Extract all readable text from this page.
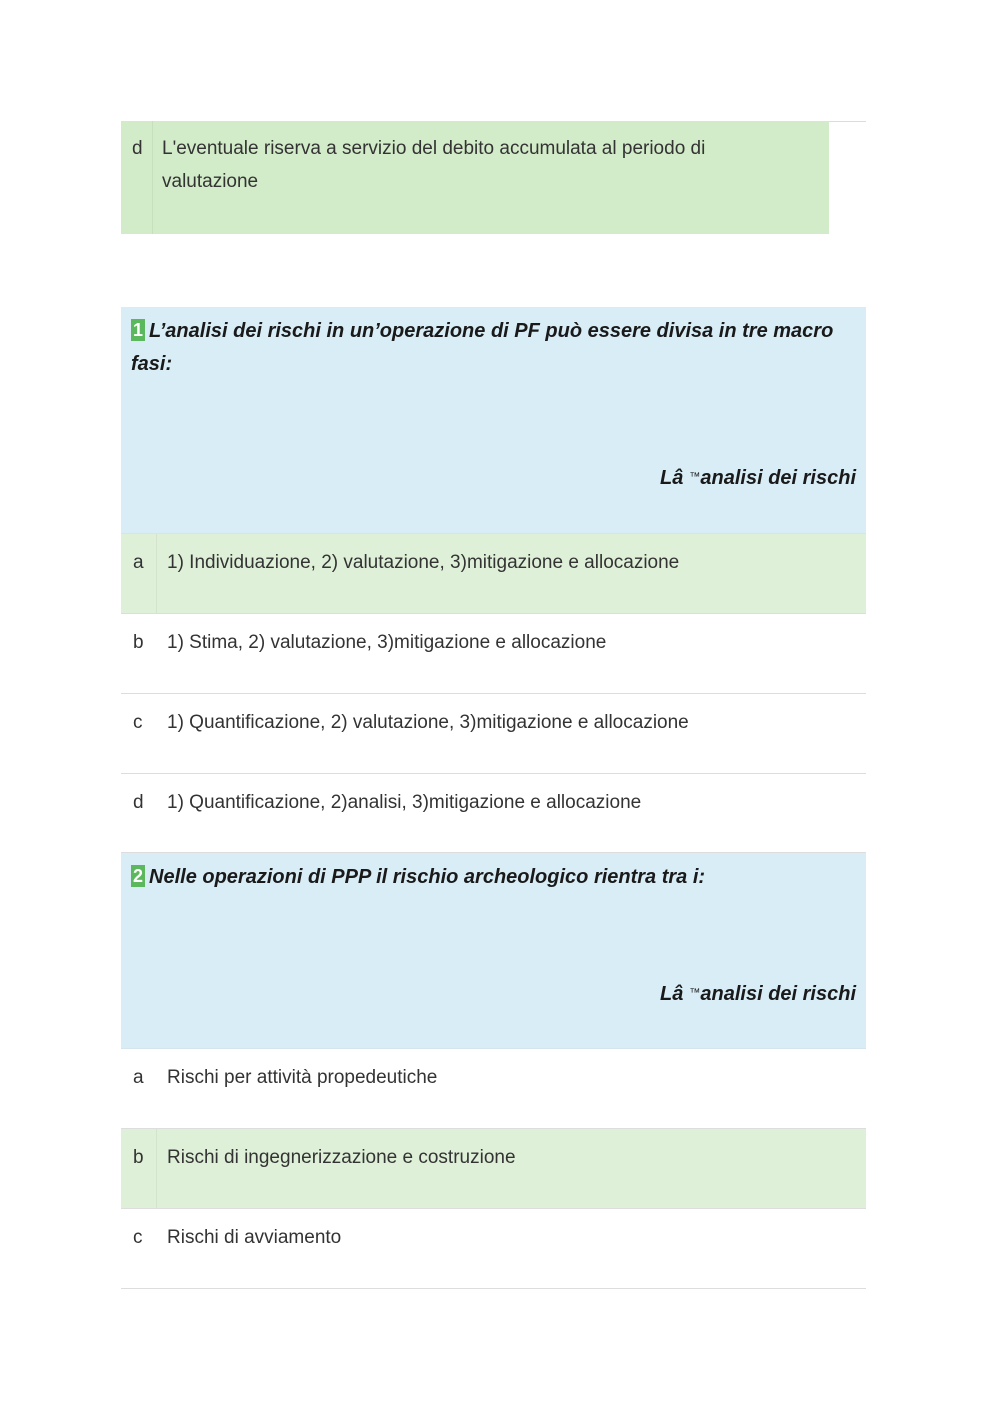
d L'eventuale riserva a servizio del debito accumulata al periodo di valutazione
1 L’analisi dei rischi in un’operazione di PF può essere divisa in tre macro fasi:
Lâ ™analisi dei rischi
a 1) Individuazione, 2) valutazione, 3)mitigazione e allocazione
b 1) Stima, 2) valutazione, 3)mitigazione e allocazione
c 1) Quantificazione, 2) valutazione, 3)mitigazione e allocazione
d 1) Quantificazione, 2)analisi, 3)mitigazione e allocazione
2 Nelle operazioni di PPP il rischio archeologico rientra tra i:
Lâ ™analisi dei rischi
a Rischi per attività propedeutiche
b Rischi di ingegnerizzazione e costruzione
c Rischi di avviamento
